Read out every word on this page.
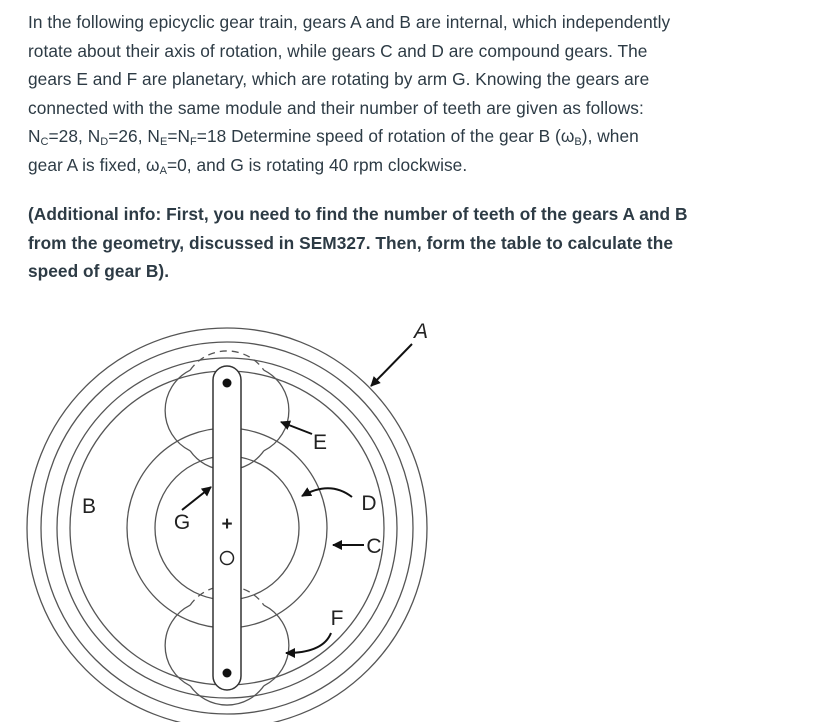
In the following epicyclic gear train, gears A and B are internal, which independently
rotate about their axis of rotation, while gears C and D are compound gears. The
gears E and F are planetary, which are rotating by arm G. Knowing the gears are
connected with the same module and their number of teeth are given as follows:
$N_C=28$, $N_D=26$, $N_E=N_F=18$ Determine speed of rotation of the gear B $(\omega_B)$, when
gear A is fixed, $\omega_A=0$, and G is rotating 40 rpm clockwise.
(Additional info: First, you need to find the number of teeth of the gears A and B
from the geometry, discussed in SEM327. Then, form the table to calculate the
speed of gear B).
A
B
E
D
C
F
G +
